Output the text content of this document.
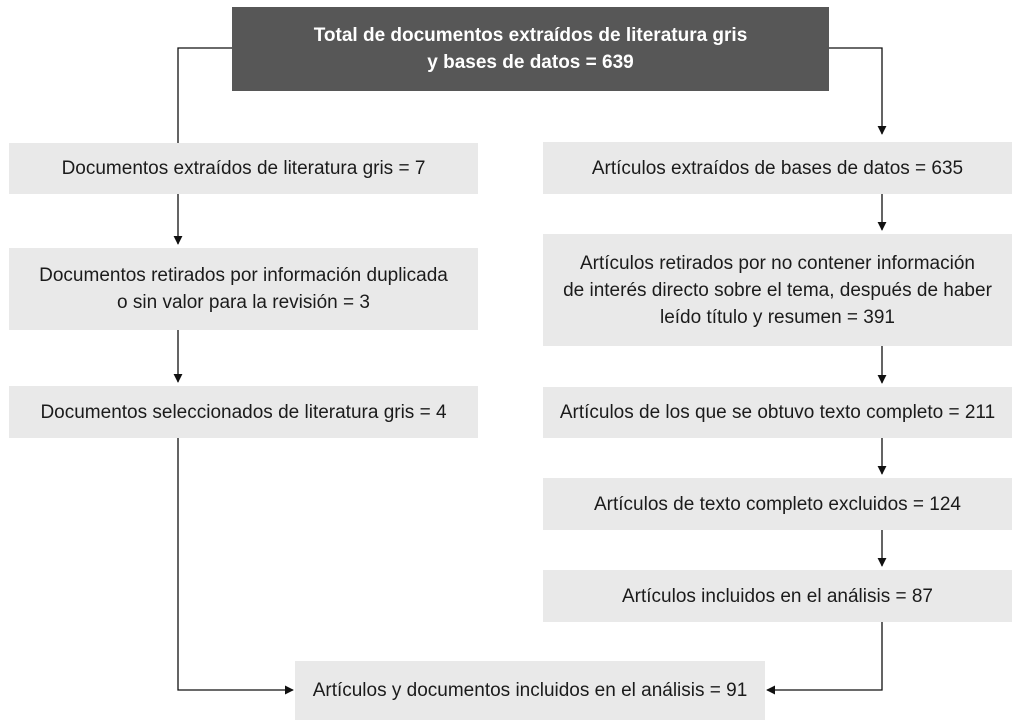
Total de documentos extraídos de literatura gris
y bases de datos = 639
Documentos extraídos de literatura gris = 7
Documentos retirados por información duplicada
o sin valor para la revisión = 3
Documentos seleccionados de literatura gris = 4
Artículos extraídos de bases de datos = 635
Artículos retirados por no contener información
de interés directo sobre el tema, después de haber
leído título y resumen = 391
Artículos de los que se obtuvo texto completo = 211
Artículos de texto completo excluidos = 124
Artículos incluidos en el análisis = 87
Artículos y documentos incluidos en el análisis = 91
